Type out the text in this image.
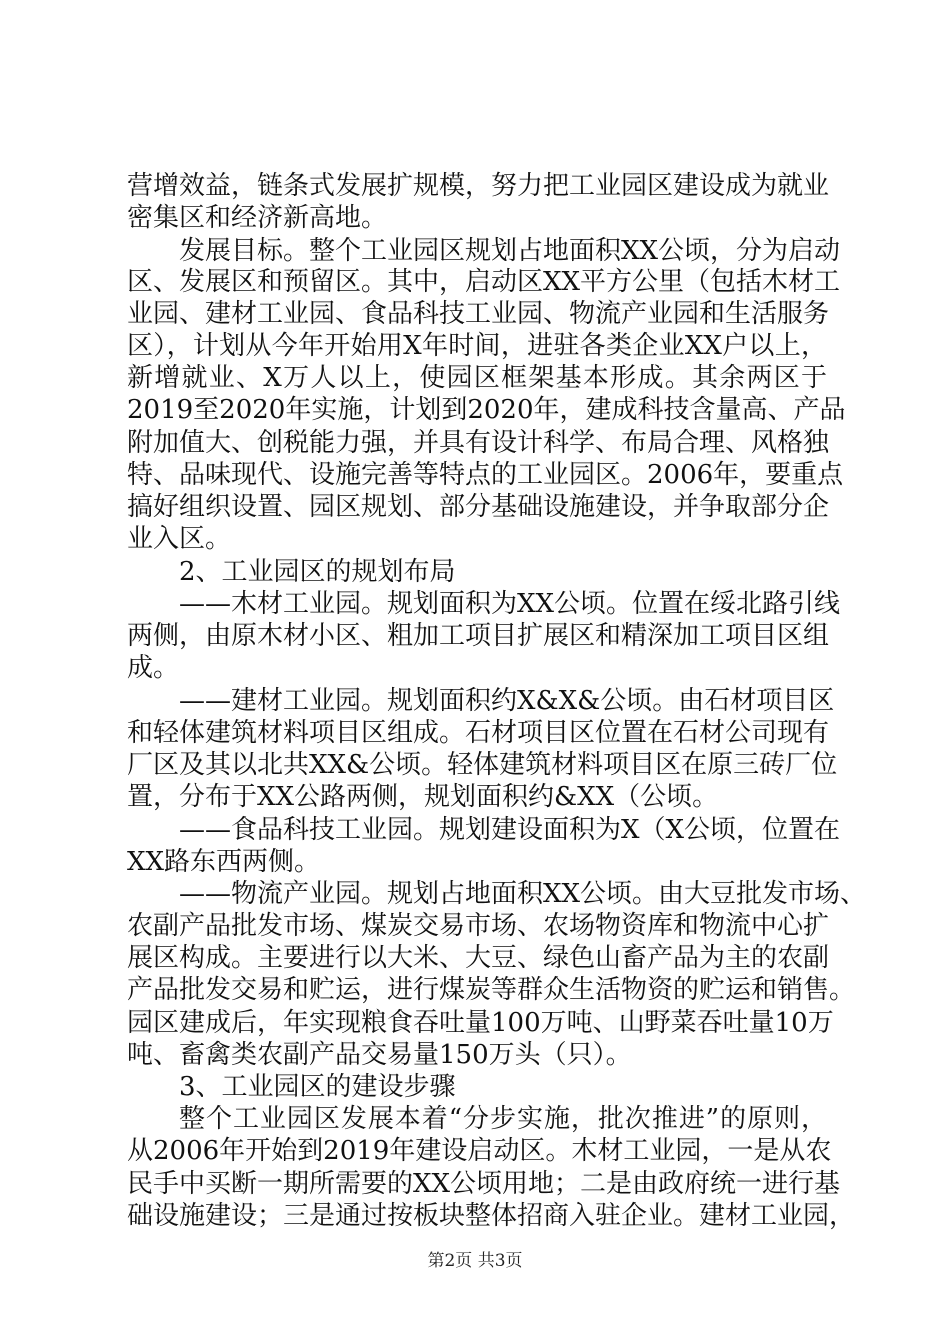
营增效益，链条式发展扩规模，努力把工业园区建设成为就业
密集区和经济新高地。
发展目标。整个工业园区规划占地面积XX公顷，分为启动
区、发展区和预留区。其中，启动区XX平方公里（包括木材工
业园、建材工业园、食品科技工业园、物流产业园和生活服务
区），计划从今年开始用X年时间，进驻各类企业XX户以上，
新增就业、X万人以上，使园区框架基本形成。其余两区于
2019至2020年实施，计划到2020年，建成科技含量高、产品
附加值大、创税能力强，并具有设计科学、布局合理、风格独
特、品味现代、设施完善等特点的工业园区。2006年，要重点
搞好组织设置、园区规划、部分基础设施建设，并争取部分企
业入区。
2、工业园区的规划布局
——木材工业园。规划面积为XX公顷。位置在绥北路引线
两侧，由原木材小区、粗加工项目扩展区和精深加工项目区组
成。
——建材工业园。规划面积约X&X&公顷。由石材项目区
和轻体建筑材料项目区组成。石材项目区位置在石材公司现有
厂区及其以北共XX&公顷。轻体建筑材料项目区在原三砖厂位
置，分布于XX公路两侧，规划面积约&XX（公顷。
——食品科技工业园。规划建设面积为X（X公顷，位置在
XX路东西两侧。
——物流产业园。规划占地面积XX公顷。由大豆批发市场、
农副产品批发市场、煤炭交易市场、农场物资库和物流中心扩
展区构成。主要进行以大米、大豆、绿色山畜产品为主的农副
产品批发交易和贮运，进行煤炭等群众生活物资的贮运和销售。
园区建成后，年实现粮食吞吐量100万吨、山野菜吞吐量10万
吨、畜禽类农副产品交易量150万头（只）。
3、工业园区的建设步骤
整个工业园区发展本着“分步实施，批次推进”的原则，
从2006年开始到2019年建设启动区。木材工业园，一是从农
民手中买断一期所需要的XX公顷用地；二是由政府统一进行基
础设施建设；三是通过按板块整体招商入驻企业。建材工业园，
第2页 共3页
